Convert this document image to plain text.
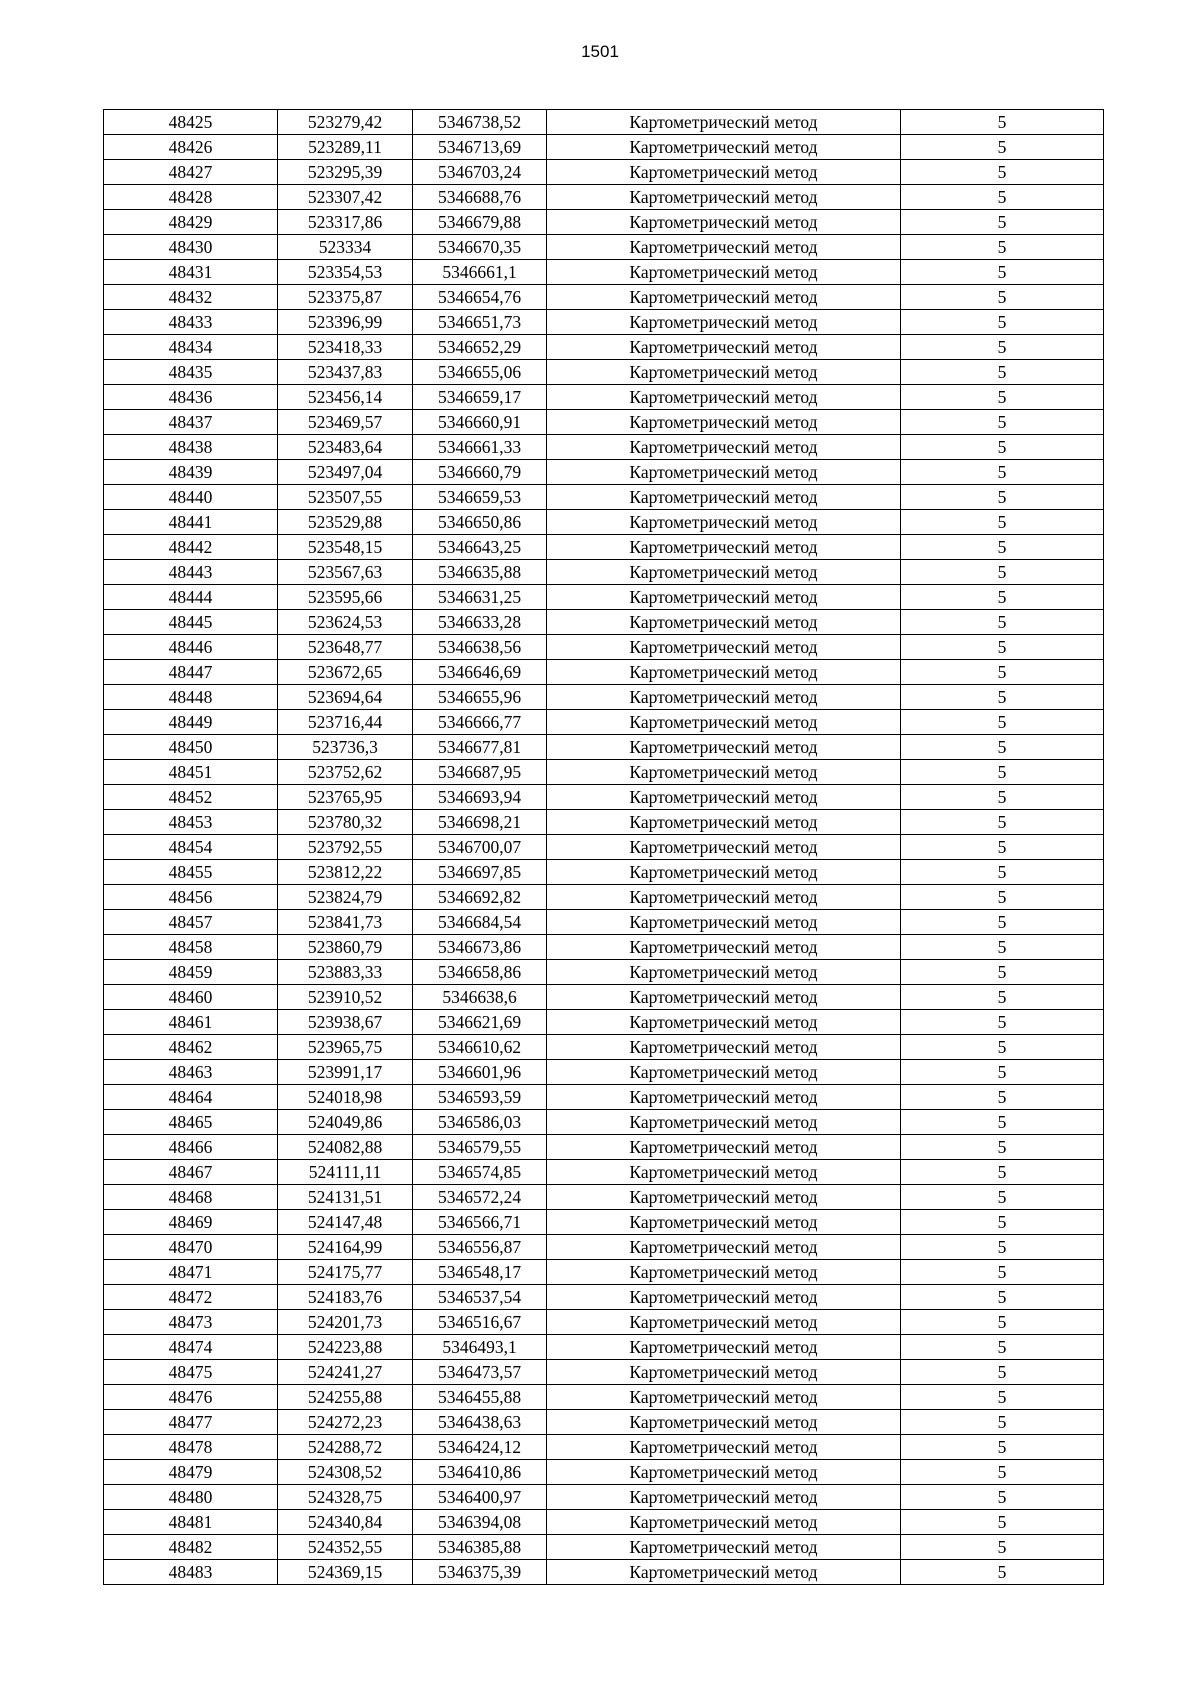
1501
48425	523279,42	5346738,52	Картометрический метод	5
48426	523289,11	5346713,69	Картометрический метод	5
48427	523295,39	5346703,24	Картометрический метод	5
48428	523307,42	5346688,76	Картометрический метод	5
48429	523317,86	5346679,88	Картометрический метод	5
48430	523334	5346670,35	Картометрический метод	5
48431	523354,53	5346661,1	Картометрический метод	5
48432	523375,87	5346654,76	Картометрический метод	5
48433	523396,99	5346651,73	Картометрический метод	5
48434	523418,33	5346652,29	Картометрический метод	5
48435	523437,83	5346655,06	Картометрический метод	5
48436	523456,14	5346659,17	Картометрический метод	5
48437	523469,57	5346660,91	Картометрический метод	5
48438	523483,64	5346661,33	Картометрический метод	5
48439	523497,04	5346660,79	Картометрический метод	5
48440	523507,55	5346659,53	Картометрический метод	5
48441	523529,88	5346650,86	Картометрический метод	5
48442	523548,15	5346643,25	Картометрический метод	5
48443	523567,63	5346635,88	Картометрический метод	5
48444	523595,66	5346631,25	Картометрический метод	5
48445	523624,53	5346633,28	Картометрический метод	5
48446	523648,77	5346638,56	Картометрический метод	5
48447	523672,65	5346646,69	Картометрический метод	5
48448	523694,64	5346655,96	Картометрический метод	5
48449	523716,44	5346666,77	Картометрический метод	5
48450	523736,3	5346677,81	Картометрический метод	5
48451	523752,62	5346687,95	Картометрический метод	5
48452	523765,95	5346693,94	Картометрический метод	5
48453	523780,32	5346698,21	Картометрический метод	5
48454	523792,55	5346700,07	Картометрический метод	5
48455	523812,22	5346697,85	Картометрический метод	5
48456	523824,79	5346692,82	Картометрический метод	5
48457	523841,73	5346684,54	Картометрический метод	5
48458	523860,79	5346673,86	Картометрический метод	5
48459	523883,33	5346658,86	Картометрический метод	5
48460	523910,52	5346638,6	Картометрический метод	5
48461	523938,67	5346621,69	Картометрический метод	5
48462	523965,75	5346610,62	Картометрический метод	5
48463	523991,17	5346601,96	Картометрический метод	5
48464	524018,98	5346593,59	Картометрический метод	5
48465	524049,86	5346586,03	Картометрический метод	5
48466	524082,88	5346579,55	Картометрический метод	5
48467	524111,11	5346574,85	Картометрический метод	5
48468	524131,51	5346572,24	Картометрический метод	5
48469	524147,48	5346566,71	Картометрический метод	5
48470	524164,99	5346556,87	Картометрический метод	5
48471	524175,77	5346548,17	Картометрический метод	5
48472	524183,76	5346537,54	Картометрический метод	5
48473	524201,73	5346516,67	Картометрический метод	5
48474	524223,88	5346493,1	Картометрический метод	5
48475	524241,27	5346473,57	Картометрический метод	5
48476	524255,88	5346455,88	Картометрический метод	5
48477	524272,23	5346438,63	Картометрический метод	5
48478	524288,72	5346424,12	Картометрический метод	5
48479	524308,52	5346410,86	Картометрический метод	5
48480	524328,75	5346400,97	Картометрический метод	5
48481	524340,84	5346394,08	Картометрический метод	5
48482	524352,55	5346385,88	Картометрический метод	5
48483	524369,15	5346375,39	Картометрический метод	5
